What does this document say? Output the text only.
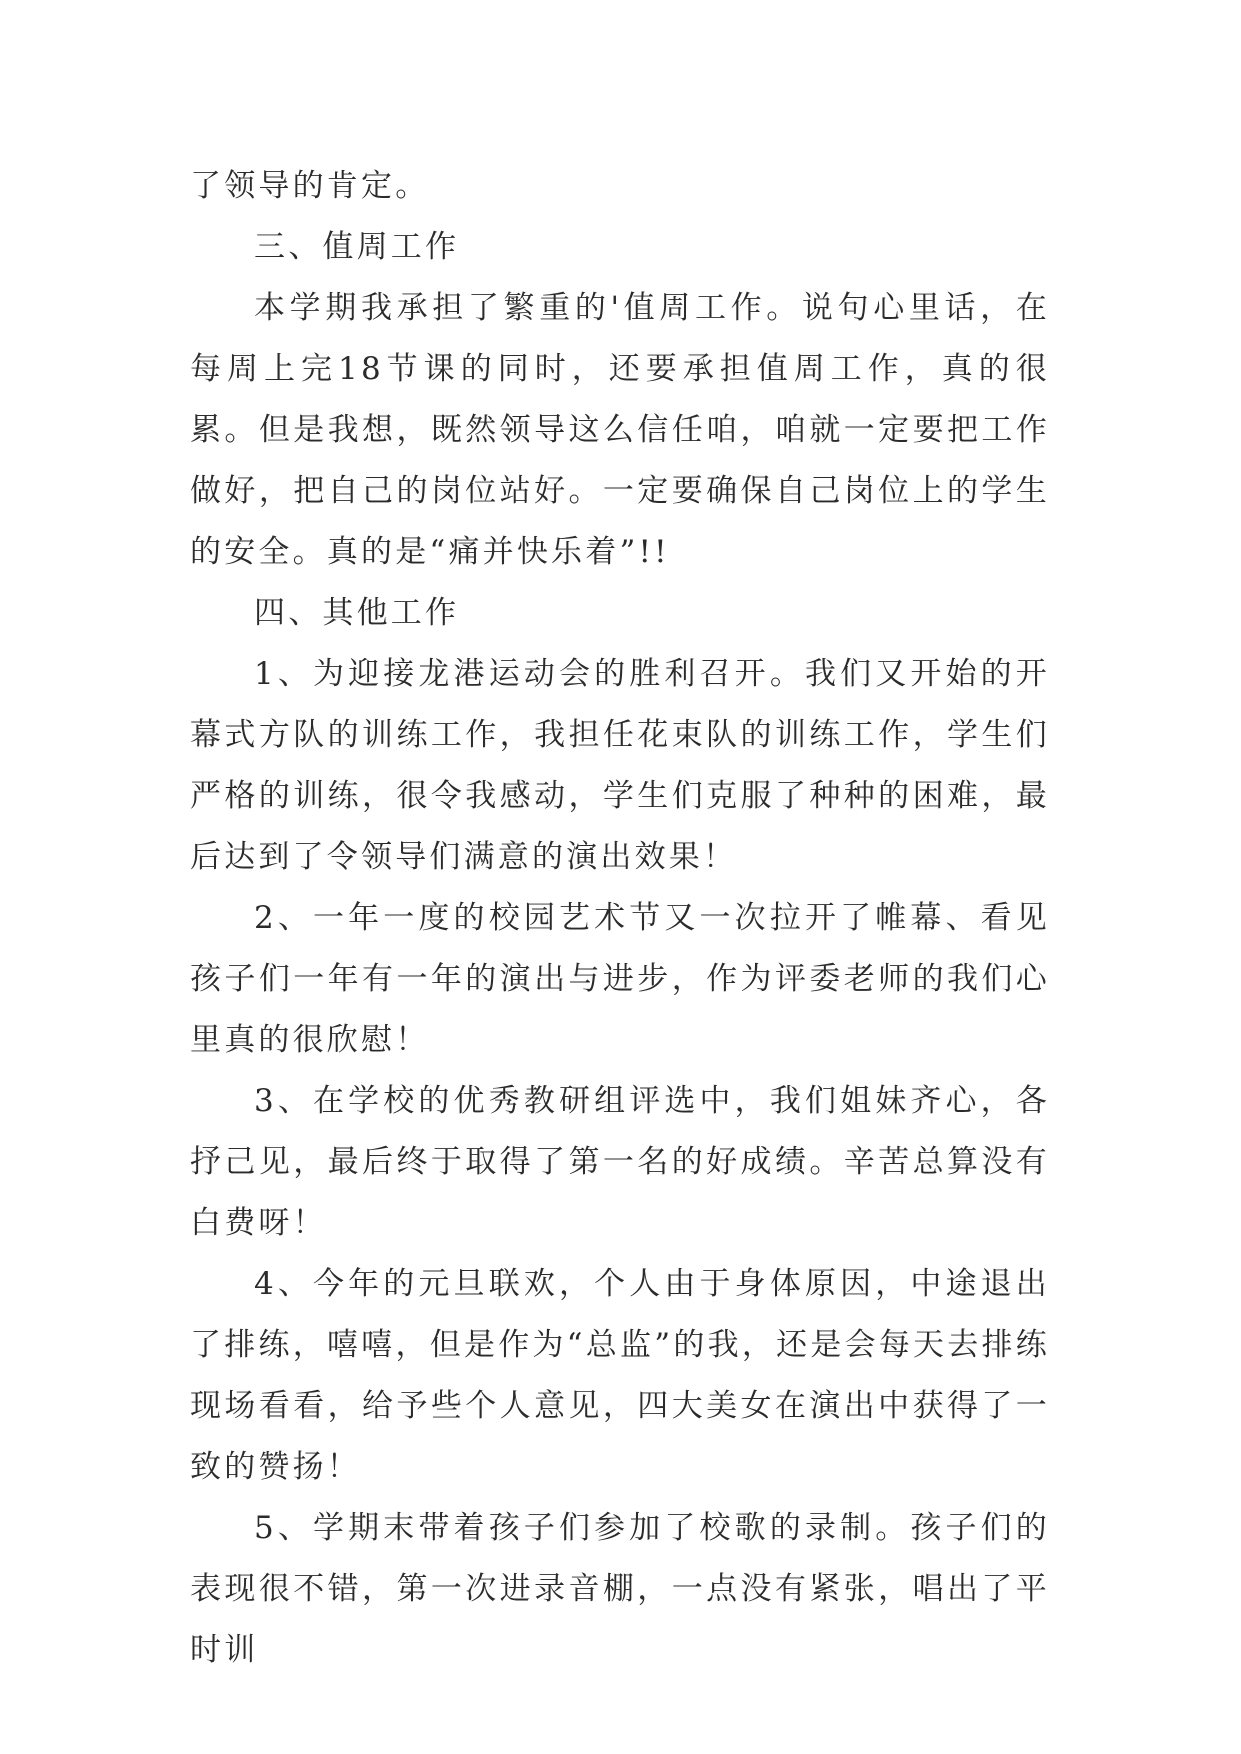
了领导的肯定。

三、值周工作

本学期我承担了繁重的'值周工作。说句心里话，在每周上完18节课的同时，还要承担值周工作，真的很累。但是我想，既然领导这么信任咱，咱就一定要把工作做好，把自己的岗位站好。一定要确保自己岗位上的学生的安全。真的是“痛并快乐着”!!

四、其他工作

1、为迎接龙港运动会的胜利召开。我们又开始的开幕式方队的训练工作，我担任花束队的训练工作，学生们严格的训练，很令我感动，学生们克服了种种的困难，最后达到了令领导们满意的演出效果！

2、一年一度的校园艺术节又一次拉开了帷幕、看见孩子们一年有一年的演出与进步，作为评委老师的我们心里真的很欣慰！

3、在学校的优秀教研组评选中，我们姐妹齐心，各抒己见，最后终于取得了第一名的好成绩。辛苦总算没有白费呀！

4、今年的元旦联欢，个人由于身体原因，中途退出了排练，嘻嘻，但是作为“总监”的我，还是会每天去排练现场看看，给予些个人意见，四大美女在演出中获得了一致的赞扬！

5、学期末带着孩子们参加了校歌的录制。孩子们的表现很不错，第一次进录音棚，一点没有紧张，唱出了平时训
